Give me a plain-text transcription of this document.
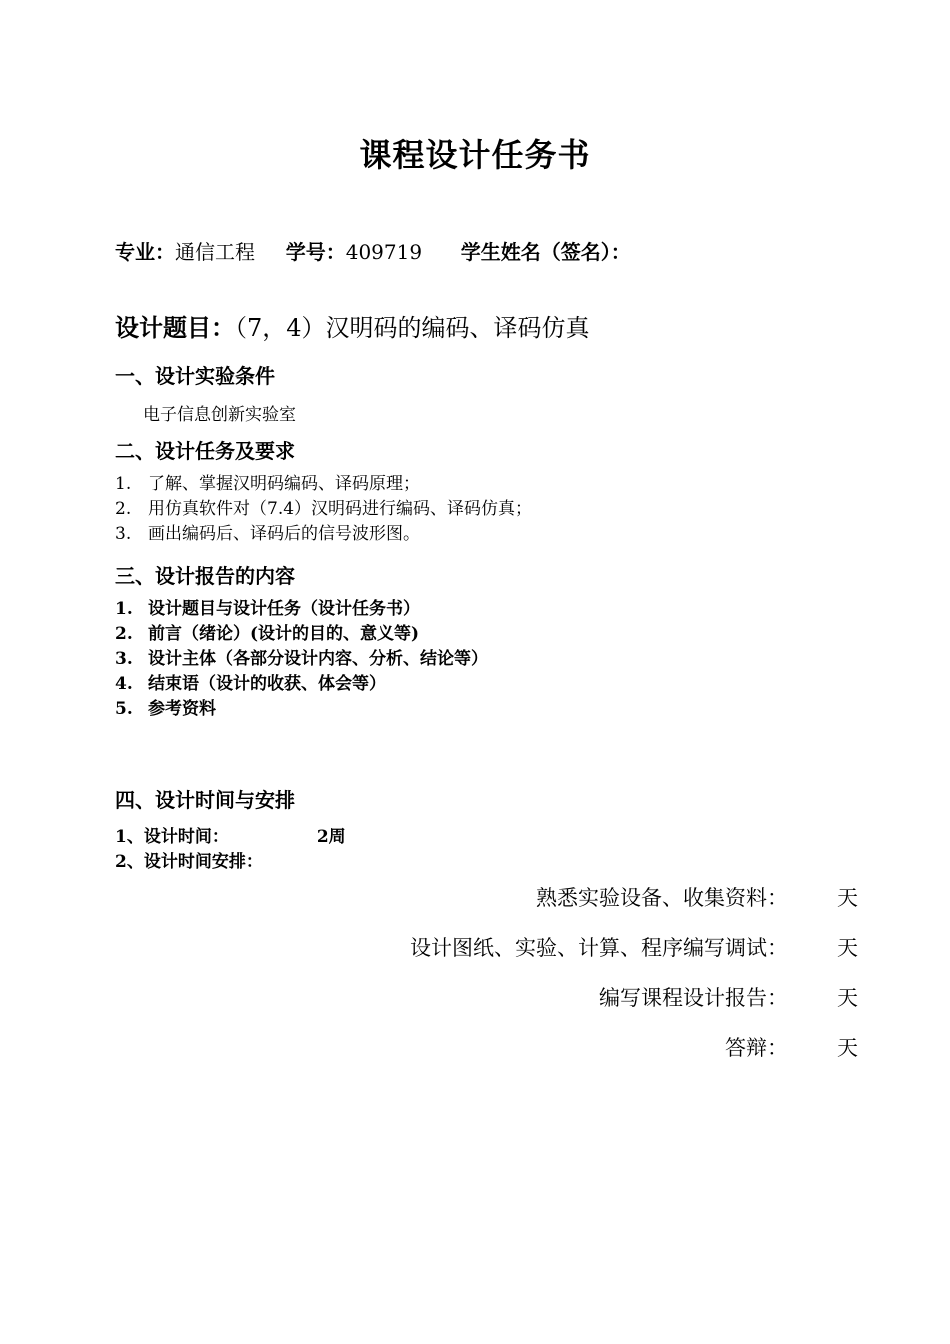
课程设计任务书
专业：通信工程 学号：409719 学生姓名（签名）：
设计题目：（7，4）汉明码的编码、译码仿真
一、设计实验条件
电子信息创新实验室
二、设计任务及要求
1. 了解、掌握汉明码编码、译码原理；
2. 用仿真软件对（7.4）汉明码进行编码、译码仿真；
3. 画出编码后、译码后的信号波形图。
三、设计报告的内容
1. 设计题目与设计任务（设计任务书）
2. 前言（绪论）(设计的目的、意义等)
3. 设计主体（各部分设计内容、分析、结论等）
4. 结束语（设计的收获、体会等）
5. 参考资料
四、设计时间与安排
1、设计时间：	2周
2、设计时间安排：
熟悉实验设备、收集资料：	天
设计图纸、实验、计算、程序编写调试：	天
编写课程设计报告：	天
答辩：	天
